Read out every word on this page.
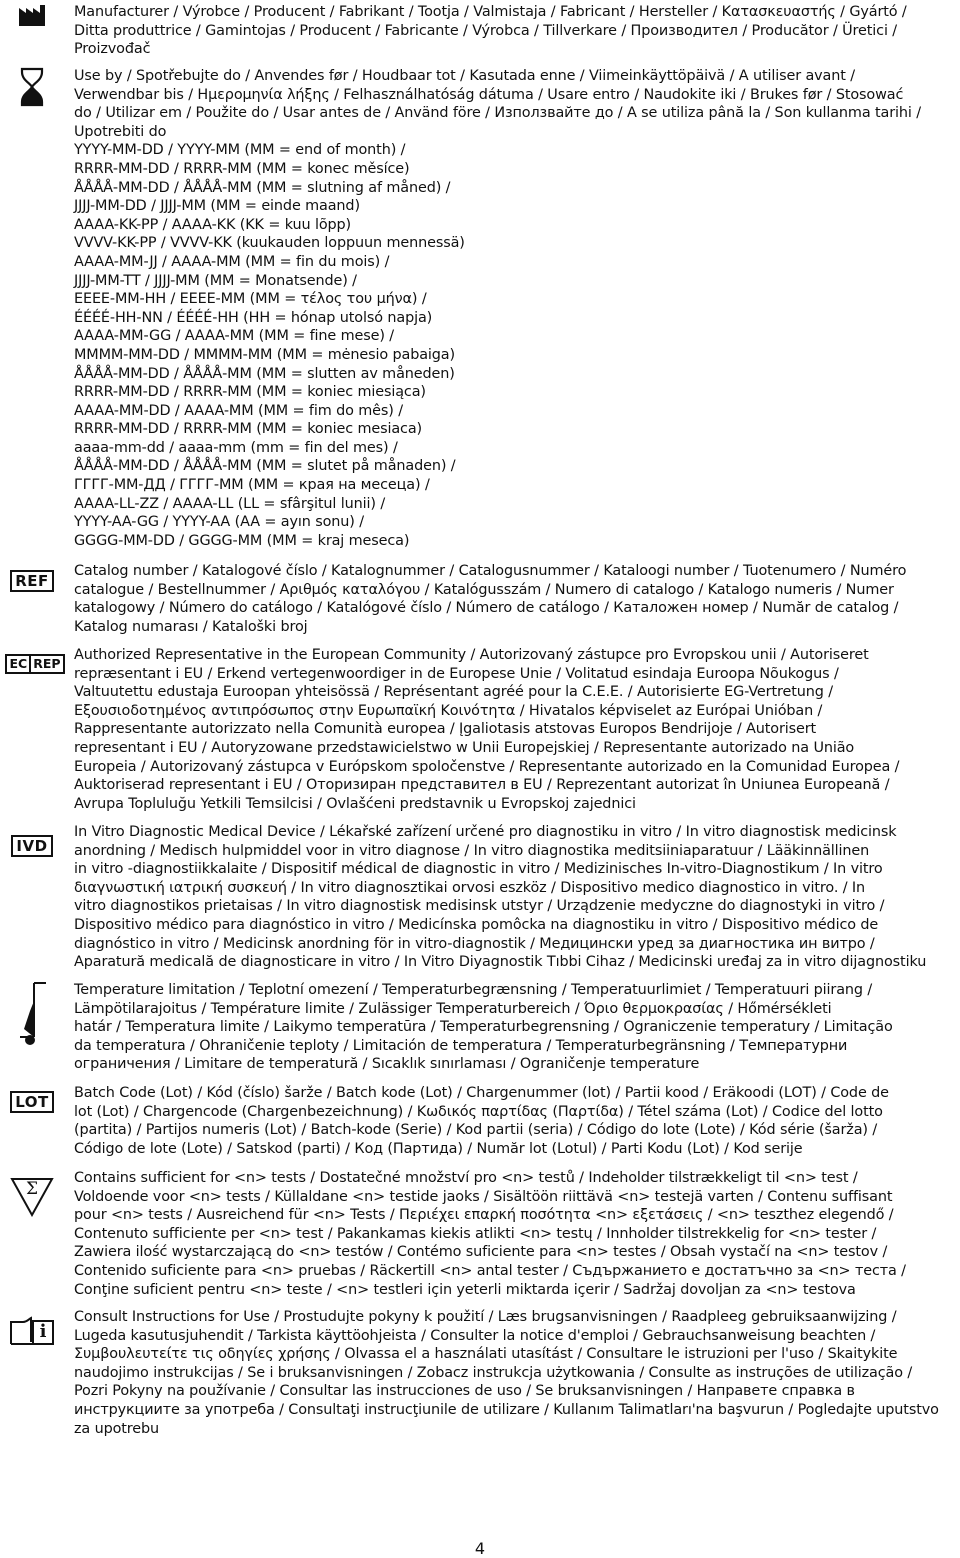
Manufacturer / Výrobce / Producent / Fabrikant / Tootja / Valmistaja / Fabricant / Hersteller / Κατασκευαστής / Gyártó /
Ditta produttrice / Gamintojas / Producent / Fabricante / Výrobca / Tillverkare / Производител / Producător / Üretici /
Proizvođač
Use by / Spotřebujte do / Anvendes før / Houdbaar tot / Kasutada enne / Viimeinkäyttöpäivä / A utiliser avant /
Verwendbar bis / Ημερομηνία λήξης / Felhasználhatóság dátuma / Usare entro / Naudokite iki / Brukes før / Stosować
do / Utilizar em / Použite do / Usar antes de / Använd före / Използвайте до / A se utiliza până la / Son kullanma tarihi /
Upotrebiti do
YYYY-MM-DD / YYYY-MM (MM = end of month) /
RRRR-MM-DD / RRRR-MM (MM = konec měsíce)
ÅÅÅÅ-MM-DD / ÅÅÅÅ-MM (MM = slutning af måned) /
JJJJ-MM-DD / JJJJ-MM (MM = einde maand)
AAAA-KK-PP / AAAA-KK (KK = kuu lõpp)
VVVV-KK-PP / VVVV-KK (kuukauden loppuun mennessä)
AAAA-MM-JJ / AAAA-MM (MM = fin du mois) /
JJJJ-MM-TT / JJJJ-MM (MM = Monatsende) /
EEEE-MM-HH / EEEE-MM (MM = τέλος του μήνα) /
ÉÉÉÉ-HH-NN / ÉÉÉÉ-HH (HH = hónap utolsó napja)
AAAA-MM-GG / AAAA-MM (MM = fine mese) /
MMMM-MM-DD / MMMM-MM (MM = mėnesio pabaiga)
ÅÅÅÅ-MM-DD / ÅÅÅÅ-MM (MM = slutten av måneden)
RRRR-MM-DD / RRRR-MM (MM = koniec miesiąca)
AAAA-MM-DD / AAAA-MM (MM = fim do mês) /
RRRR-MM-DD / RRRR-MM (MM = koniec mesiaca)
aaaa-mm-dd / aaaa-mm (mm = fin del mes) /
ÅÅÅÅ-MM-DD / ÅÅÅÅ-MM (MM = slutet på månaden) /
ГГГГ-ММ-ДД / ГГГГ-ММ (ММ = края на месеца) /
AAAA-LL-ZZ / AAAA-LL (LL = sfârşitul lunii) /
YYYY-AA-GG / YYYY-AA (AA = ayın sonu) /
GGGG-MM-DD / GGGG-MM (MM = kraj meseca)
REF
Catalog number / Katalogové číslo / Katalognummer / Catalogusnummer / Kataloogi number / Tuotenumero / Numéro
catalogue / Bestellnummer / Αριθμός καταλόγου / Katalógusszám / Numero di catalogo / Katalogo numeris / Numer
katalogowy / Número do catálogo / Katalógové číslo / Número de catálogo / Каталожен номер / Număr de catalog /
Katalog numarası / Kataloški broj
EC REP
Authorized Representative in the European Community / Autorizovaný zástupce pro Evropskou unii / Autoriseret
repræsentant i EU / Erkend vertegenwoordiger in de Europese Unie / Volitatud esindaja Euroopa Nõukogus /
Valtuutettu edustaja Euroopan yhteisössä / Représentant agréé pour la C.E.E. / Autorisierte EG-Vertretung /
Εξουσιοδοτημένος αντιπρόσωπος στην Ευρωπαϊκή Κοινότητα / Hivatalos képviselet az Európai Unióban /
Rappresentante autorizzato nella Comunità europea / Įgaliotasis atstovas Europos Bendrijoje / Autorisert
representant i EU / Autoryzowane przedstawicielstwo w Unii Europejskiej / Representante autorizado na União
Europeia / Autorizovaný zástupca v Európskom spoločenstve / Representante autorizado en la Comunidad Europea /
Auktoriserad representant i EU / Оторизиран представител в ЕU / Reprezentant autorizat în Uniunea Europeană /
Avrupa Topluluğu Yetkili Temsilcisi / Ovlašćeni predstavnik u Evropskoj zajednici
IVD
In Vitro Diagnostic Medical Device / Lékařské zařízení určené pro diagnostiku in vitro / In vitro diagnostisk medicinsk
anordning / Medisch hulpmiddel voor in vitro diagnose / In vitro diagnostika meditsiiniaparatuur / Lääkinnällinen
in vitro -diagnostiikkalaite / Dispositif médical de diagnostic in vitro / Medizinisches In-vitro-Diagnostikum / In vitro
διαγνωστική ιατρική συσκευή / In vitro diagnosztikai orvosi eszköz / Dispositivo medico diagnostico in vitro. / In
vitro diagnostikos prietaisas / In vitro diagnostisk medisinsk utstyr / Urządzenie medyczne do diagnostyki in vitro /
Dispositivo médico para diagnóstico in vitro / Medicínska pomôcka na diagnostiku in vitro / Dispositivo médico de
diagnóstico in vitro / Medicinsk anordning för in vitro-diagnostik / Медицински уред за диагностика ин витро /
Aparatură medicală de diagnosticare in vitro / In Vitro Diyagnostik Tıbbi Cihaz / Medicinski uređaj za in vitro dijagnostiku
Temperature limitation / Teplotní omezení / Temperaturbegrænsning / Temperatuurlimiet / Temperatuuri piirang /
Lämpötilarajoitus / Température limite / Zulässiger Temperaturbereich / Όριο θερμοκρασίας / Hőmérsékleti
határ / Temperatura limite / Laikymo temperatūra / Temperaturbegrensning / Ograniczenie temperatury / Limitação
da temperatura / Ohraničenie teploty / Limitación de temperatura / Temperaturbegränsning / Температурни
ограничения / Limitare de temperatură / Sıcaklık sınırlaması / Ograničenje temperature
LOT	Batch Code (Lot) / Kód (číslo) šarže / Batch kode (Lot) / Chargenummer (lot) / Partii kood / Eräkoodi (LOT) / Code de
lot (Lot) / Chargencode (Chargenbezeichnung) / Κωδικός παρτίδας (Παρτίδα) / Tétel száma (Lot) / Codice del lotto
(partita) / Partijos numeris (Lot) / Batch-kode (Serie) / Kod partii (seria) / Código do lote (Lote) / Kód série (šarža) /
Código de lote (Lote) / Satskod (parti) / Код (Партида) / Număr lot (Lotul) / Parti Kodu (Lot) / Kod serije
Σ
Contains sufficient for <n> tests / Dostatečné množství pro <n> testů / Indeholder tilstrækkeligt til <n> test /
Voldoende voor <n> tests / Küllaldane <n> testide jaoks / Sisältöön riittävä <n> testejä varten / Contenu suffisant
pour <n> tests / Ausreichend für <n> Tests / Περιέχει επαρκή ποσότητα <n> εξετάσεις / <n> teszthez elegendő /
Contenuto sufficiente per <n> test / Pakankamas kiekis atlikti <n> testų / Innholder tilstrekkelig for <n> tester /
Zawiera ilość wystarczającą do <n> testów / Contémo suficiente para <n> testes / Obsah vystačí na <n> testov /
Contenido suficiente para <n> pruebas / Räckertill <n> antal tester / Съдържанието е достатъчно за <n> теста /
Conţine suficient pentru <n> teste / <n> testleri için yeterli miktarda içerir / Sadržaj dovoljan za <n> testova
i
Consult Instructions for Use / Prostudujte pokyny k použití / Læs brugsanvisningen / Raadpleeg gebruiksaanwijzing /
Lugeda kasutusjuhendit / Tarkista käyttöohjeista / Consulter la notice d'emploi / Gebrauchsanweisung beachten /
Συμβουλευτείτε τις οδηγίες χρήσης / Olvassa el a használati utasítást / Consultare le istruzioni per l'uso / Skaitykite
naudojimo instrukcijas / Se i bruksanvisningen / Zobacz instrukcja użytkowania / Consulte as instruções de utilização /
Pozri Pokyny na používanie / Consultar las instrucciones de uso / Se bruksanvisningen / Направете справка в
инструкциите за употреба / Consultaţi instrucţiunile de utilizare / Kullanım Talimatları'na başvurun / Pogledajte uputstvo
za upotrebu
4
